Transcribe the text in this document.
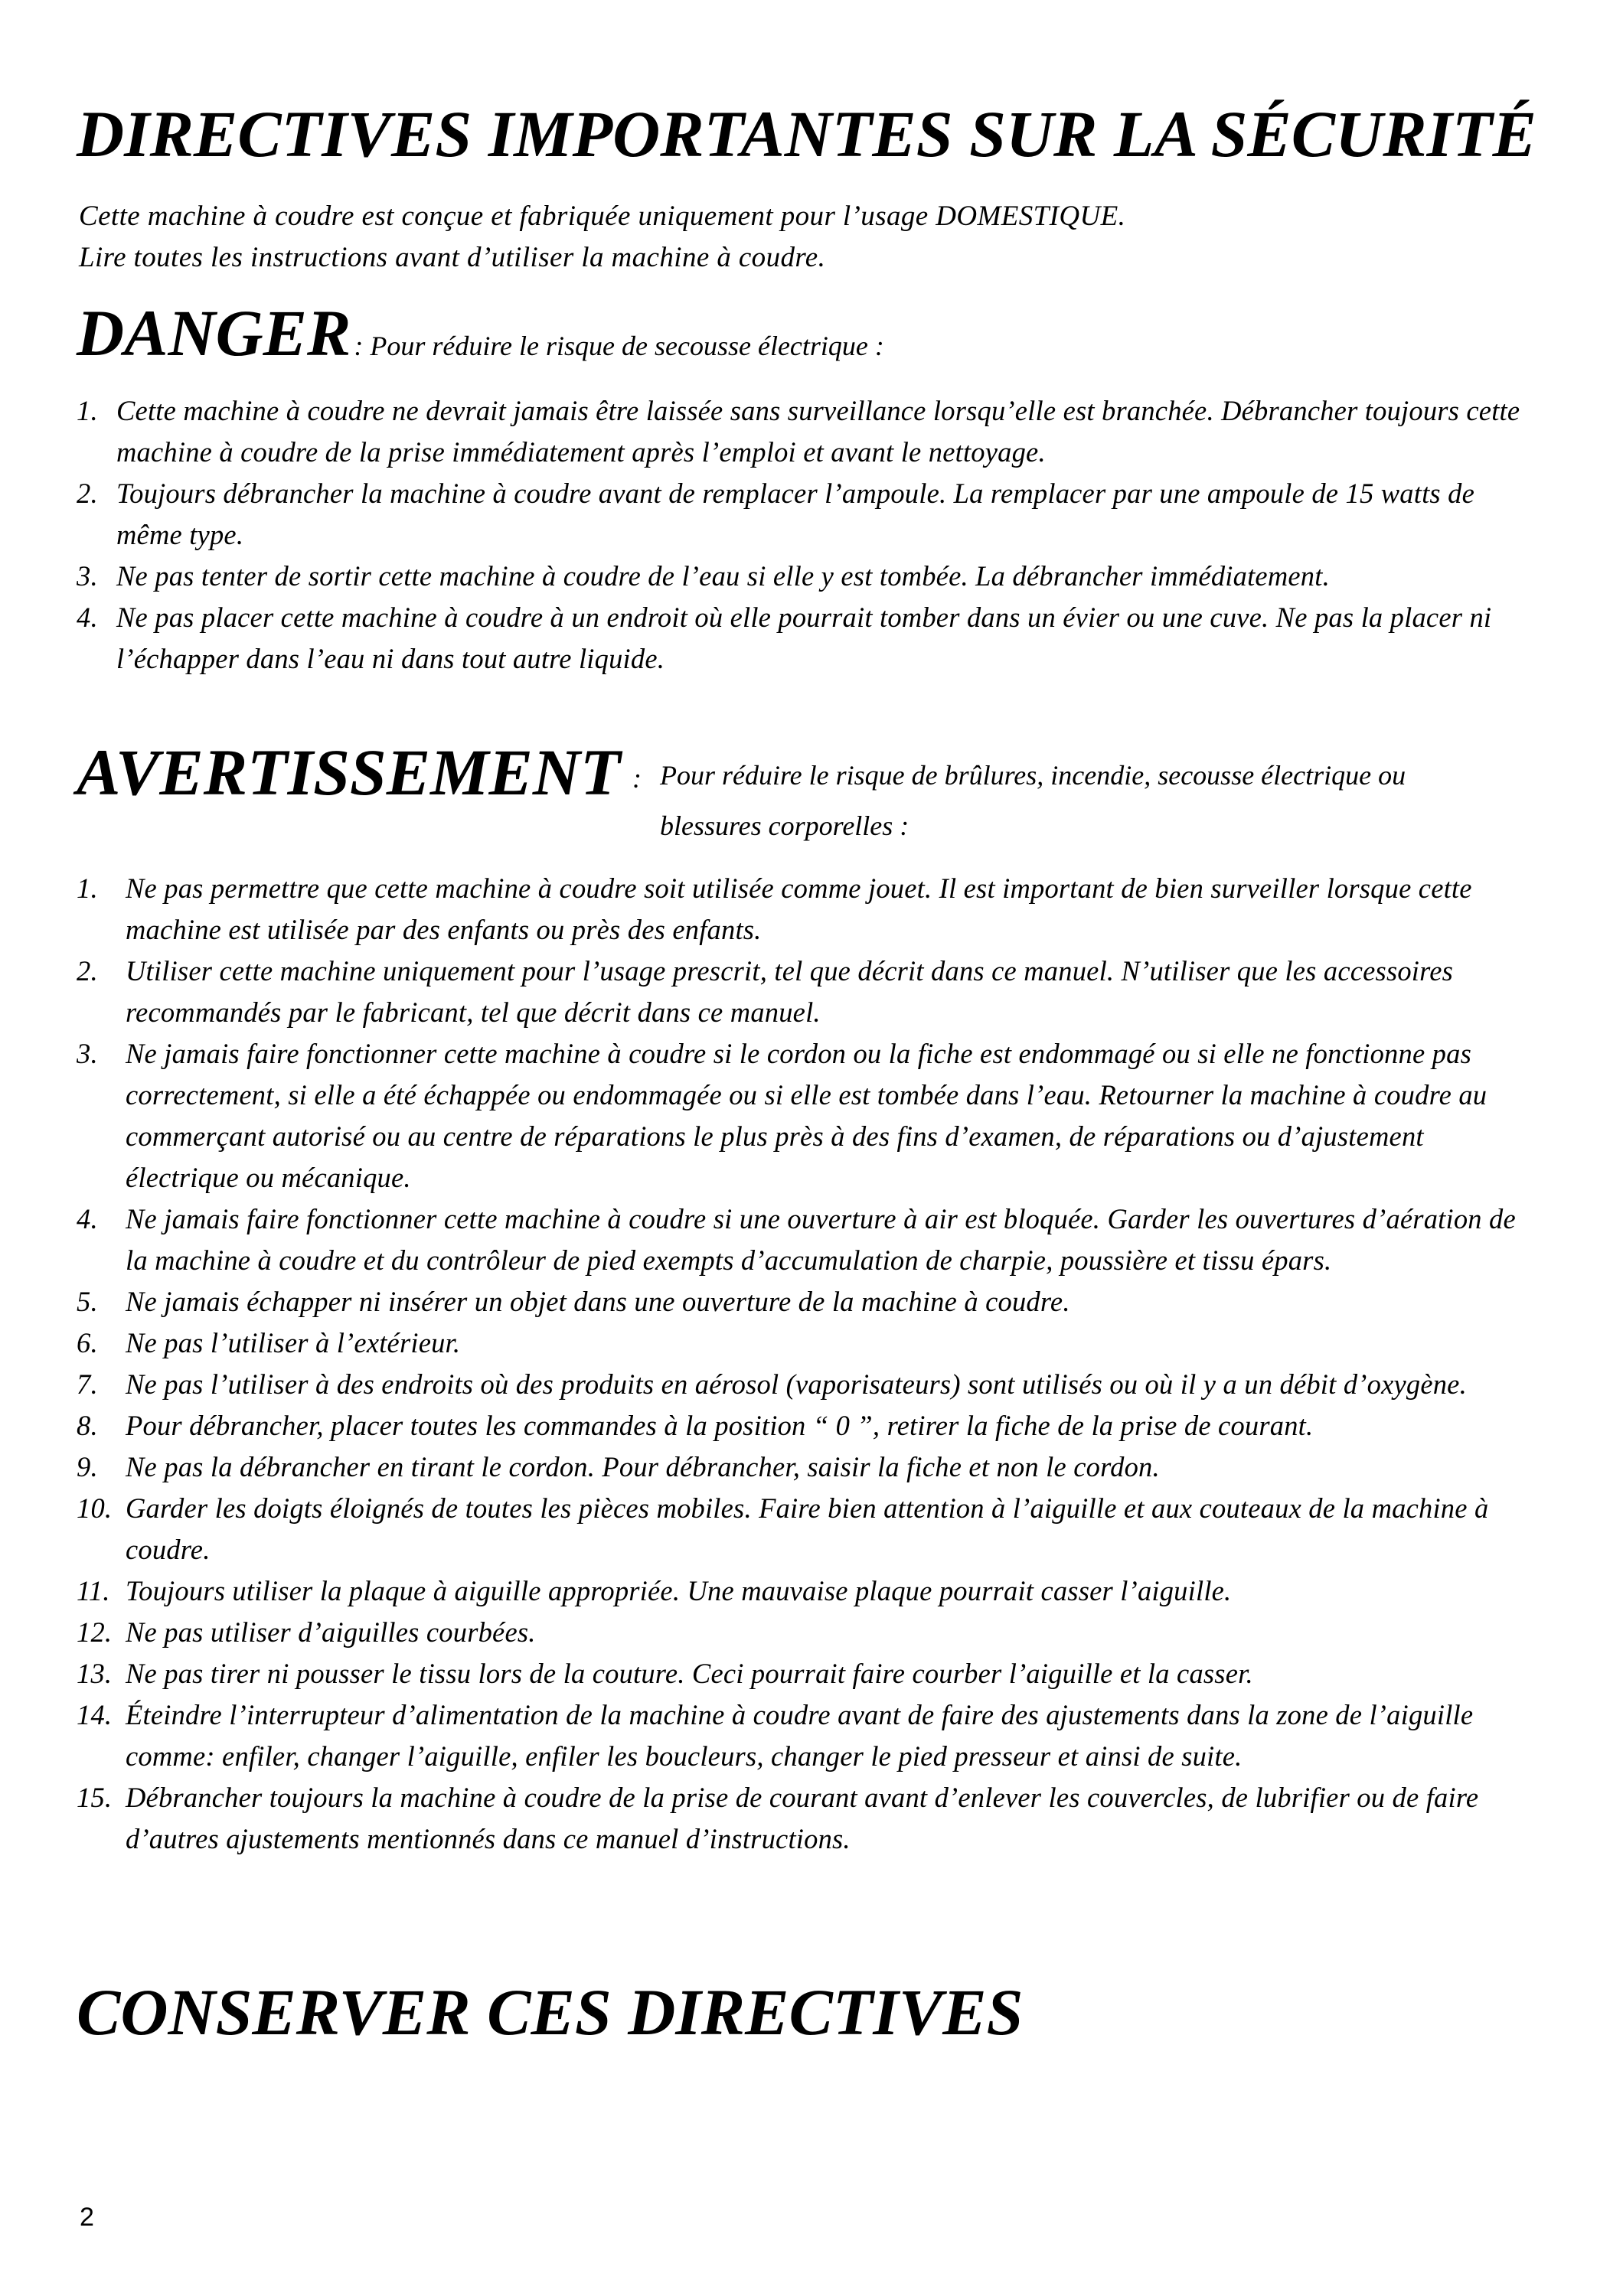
DIRECTIVES IMPORTANTES SUR LA SÉCURITÉ
Cette machine à coudre est conçue et fabriquée uniquement pour l’usage DOMESTIQUE.
Lire toutes les instructions avant d’utiliser la machine à coudre.
DANGER : Pour réduire le risque de secousse électrique :
1. Cette machine à coudre ne devrait jamais être laissée sans surveillance lorsqu’elle est branchée. Débrancher toujours cette machine à coudre de la prise immédiatement après l’emploi et avant le nettoyage.
2. Toujours débrancher la machine à coudre avant de remplacer l’ampoule. La remplacer par une ampoule de 15 watts de même type.
3. Ne pas tenter de sortir cette machine à coudre de l’eau si elle y est tombée. La débrancher immédiatement.
4. Ne pas placer cette machine à coudre à un endroit où elle pourrait tomber dans un évier ou une cuve. Ne pas la placer ni l’échapper dans l’eau ni dans tout autre liquide.
AVERTISSEMENT : Pour réduire le risque de brûlures, incendie, secousse électrique ou
blessures corporelles :
1. Ne pas permettre que cette machine à coudre soit utilisée comme jouet. Il est important de bien surveiller lorsque cette machine est utilisée par des enfants ou près des enfants.
2. Utiliser cette machine uniquement pour l’usage prescrit, tel que décrit dans ce manuel. N’utiliser que les accessoires recommandés par le fabricant, tel que décrit dans ce manuel.
3. Ne jamais faire fonctionner cette machine à coudre si le cordon ou la fiche est endommagé ou si elle ne fonctionne pas correctement, si elle a été échappée ou endommagée ou si elle est tombée dans l’eau. Retourner la machine à coudre au commerçant autorisé ou au centre de réparations le plus près à des fins d’examen, de réparations ou d’ajustement électrique ou mécanique.
4. Ne jamais faire fonctionner cette machine à coudre si une ouverture à air est bloquée. Garder les ouvertures d’aération de la machine à coudre et du contrôleur de pied exempts d’accumulation de charpie, poussière et tissu épars.
5. Ne jamais échapper ni insérer un objet dans une ouverture de la machine à coudre.
6. Ne pas l’utiliser à l’extérieur.
7. Ne pas l’utiliser à des endroits où des produits en aérosol (vaporisateurs) sont utilisés ou où il y a un débit d’oxygène.
8. Pour débrancher, placer toutes les commandes à la position “ 0 ”, retirer la fiche de la prise de courant.
9. Ne pas la débrancher en tirant le cordon. Pour débrancher, saisir la fiche et non le cordon.
10. Garder les doigts éloignés de toutes les pièces mobiles. Faire bien attention à l’aiguille et aux couteaux de la machine à coudre.
11. Toujours utiliser la plaque à aiguille appropriée. Une mauvaise plaque pourrait casser l’aiguille.
12. Ne pas utiliser d’aiguilles courbées.
13. Ne pas tirer ni pousser le tissu lors de la couture. Ceci pourrait faire courber l’aiguille et la casser.
14. Éteindre l’interrupteur d’alimentation de la machine à coudre avant de faire des ajustements dans la zone de l’aiguille comme: enfiler, changer l’aiguille, enfiler les boucleurs, changer le pied presseur et ainsi de suite.
15. Débrancher toujours la machine à coudre de la prise de courant avant d’enlever les couvercles, de lubrifier ou de faire d’autres ajustements mentionnés dans ce manuel d’instructions.
CONSERVER CES DIRECTIVES
2
